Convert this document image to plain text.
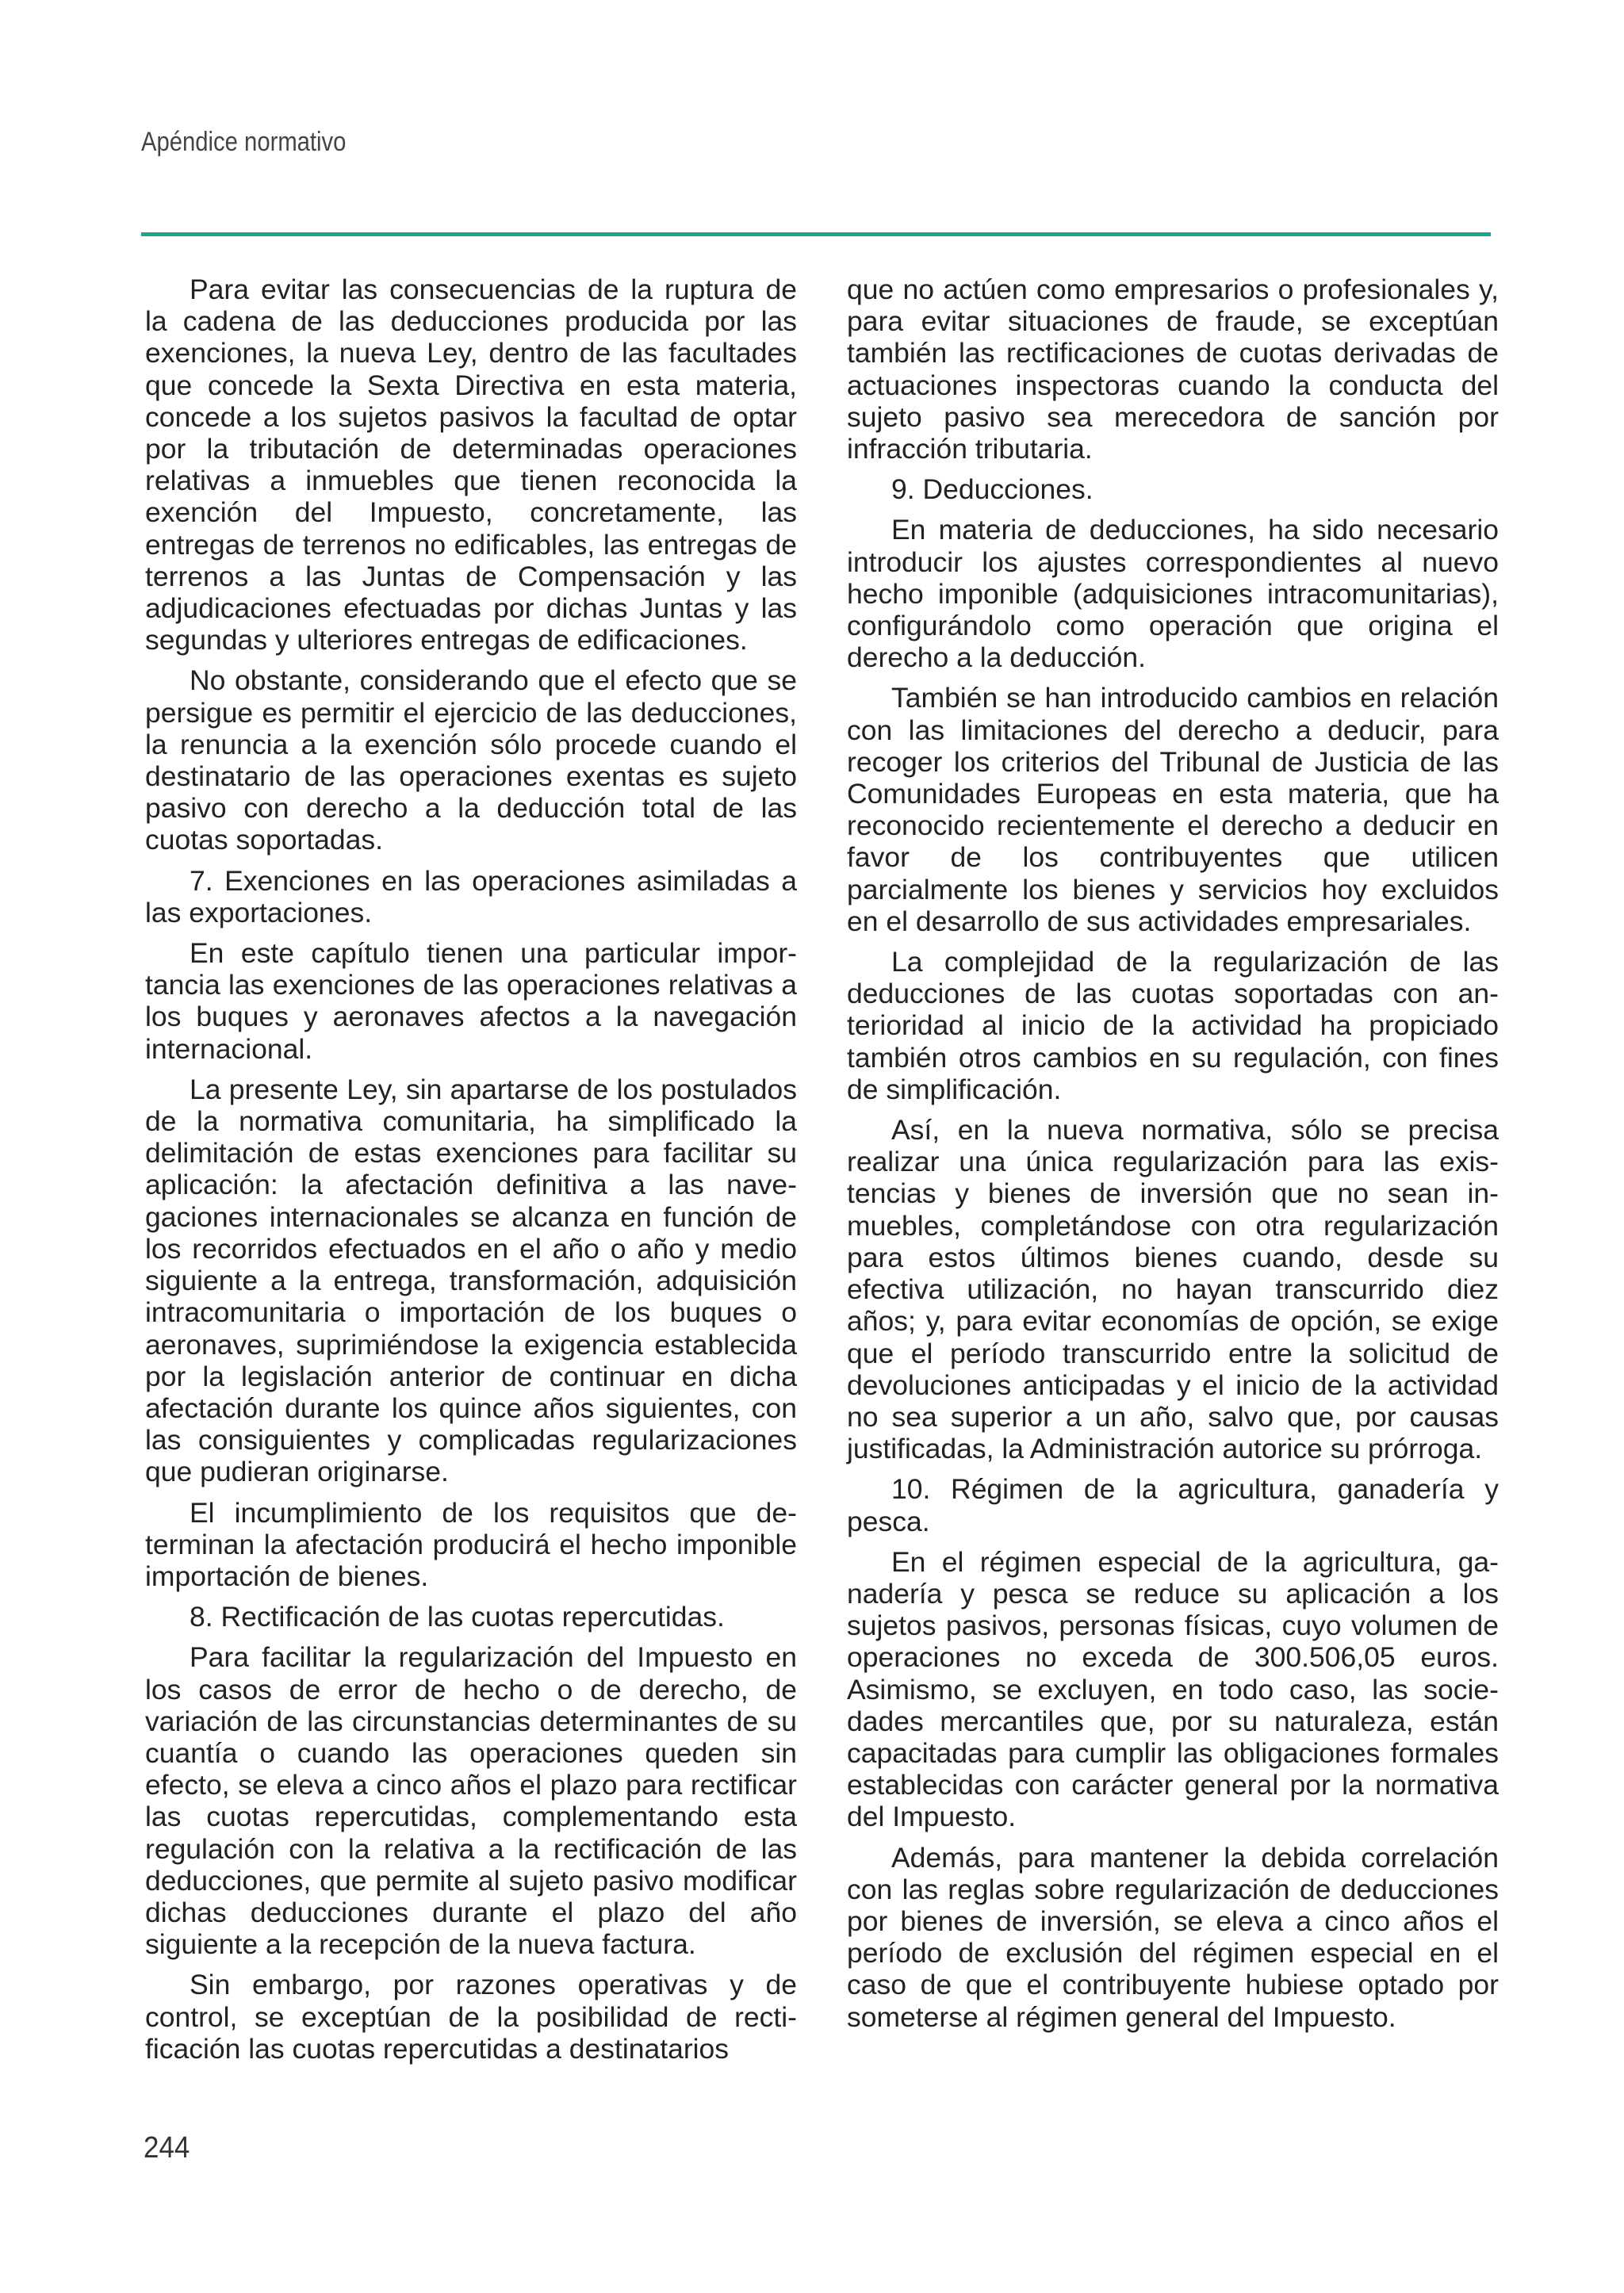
Apéndice normativo

Para evitar las consecuencias de la ruptura de la cadena de las deducciones producida por las exenciones, la nueva Ley, dentro de las facultades que concede la Sexta Directiva en esta materia, concede a los sujetos pasivos la facultad de optar por la tributación de determinadas operaciones relativas a inmuebles que tienen reconocida la exención del Impuesto, concretamente, las entregas de terrenos no edificables, las entregas de terrenos a las Juntas de Compensación y las adjudicaciones efectuadas por dichas Juntas y las segundas y ulteriores entregas de edificaciones.

No obstante, considerando que el efecto que se persigue es permitir el ejercicio de las deducciones, la renuncia a la exención sólo procede cuando el destinatario de las operaciones exentas es sujeto pasivo con derecho a la deducción total de las cuotas soportadas.

7. Exenciones en las operaciones asimiladas a las exportaciones.

En este capítulo tienen una particular importancia las exenciones de las operaciones relativas a los buques y aeronaves afectos a la navegación internacional.

La presente Ley, sin apartarse de los postulados de la normativa comunitaria, ha simplificado la delimitación de estas exenciones para facilitar su aplicación: la afectación definitiva a las navegaciones internacionales se alcanza en función de los recorridos efectuados en el año o año y medio siguiente a la entrega, transformación, adquisición intracomunitaria o importación de los buques o aeronaves, suprimiéndose la exigencia establecida por la legislación anterior de continuar en dicha afectación durante los quince años siguientes, con las consiguientes y complicadas regularizaciones que pudieran originarse.

El incumplimiento de los requisitos que determinan la afectación producirá el hecho imponible importación de bienes.

8. Rectificación de las cuotas repercutidas.

Para facilitar la regularización del Impuesto en los casos de error de hecho o de derecho, de variación de las circunstancias determinantes de su cuantía o cuando las operaciones queden sin efecto, se eleva a cinco años el plazo para rectificar las cuotas repercutidas, complementando esta regulación con la relativa a la rectificación de las deducciones, que permite al sujeto pasivo modificar dichas deducciones durante el plazo del año siguiente a la recepción de la nueva factura.

Sin embargo, por razones operativas y de control, se exceptúan de la posibilidad de rectificación las cuotas repercutidas a destinatarios

que no actúen como empresarios o profesionales y, para evitar situaciones de fraude, se exceptúan también las rectificaciones de cuotas derivadas de actuaciones inspectoras cuando la conducta del sujeto pasivo sea merecedora de sanción por infracción tributaria.

9. Deducciones.

En materia de deducciones, ha sido necesario introducir los ajustes correspondientes al nuevo hecho imponible (adquisiciones intracomunitarias), configurándolo como operación que origina el derecho a la deducción.

También se han introducido cambios en relación con las limitaciones del derecho a deducir, para recoger los criterios del Tribunal de Justicia de las Comunidades Europeas en esta materia, que ha reconocido recientemente el derecho a deducir en favor de los contribuyentes que utilicen parcialmente los bienes y servicios hoy excluidos en el desarrollo de sus actividades empresariales.

La complejidad de la regularización de las deducciones de las cuotas soportadas con anterioridad al inicio de la actividad ha propiciado también otros cambios en su regulación, con fines de simplificación.

Así, en la nueva normativa, sólo se precisa realizar una única regularización para las existencias y bienes de inversión que no sean inmuebles, completándose con otra regularización para estos últimos bienes cuando, desde su efectiva utilización, no hayan transcurrido diez años; y, para evitar economías de opción, se exige que el período transcurrido entre la solicitud de devoluciones anticipadas y el inicio de la actividad no sea superior a un año, salvo que, por causas justificadas, la Administración autorice su prórroga.

10. Régimen de la agricultura, ganadería y pesca.

En el régimen especial de la agricultura, ganadería y pesca se reduce su aplicación a los sujetos pasivos, personas físicas, cuyo volumen de operaciones no exceda de 300.506,05 euros. Asimismo, se excluyen, en todo caso, las sociedades mercantiles que, por su naturaleza, están capacitadas para cumplir las obligaciones formales establecidas con carácter general por la normativa del Impuesto.

Además, para mantener la debida correlación con las reglas sobre regularización de deducciones por bienes de inversión, se eleva a cinco años el período de exclusión del régimen especial en el caso de que el contribuyente hubiese optado por someterse al régimen general del Impuesto.

244
